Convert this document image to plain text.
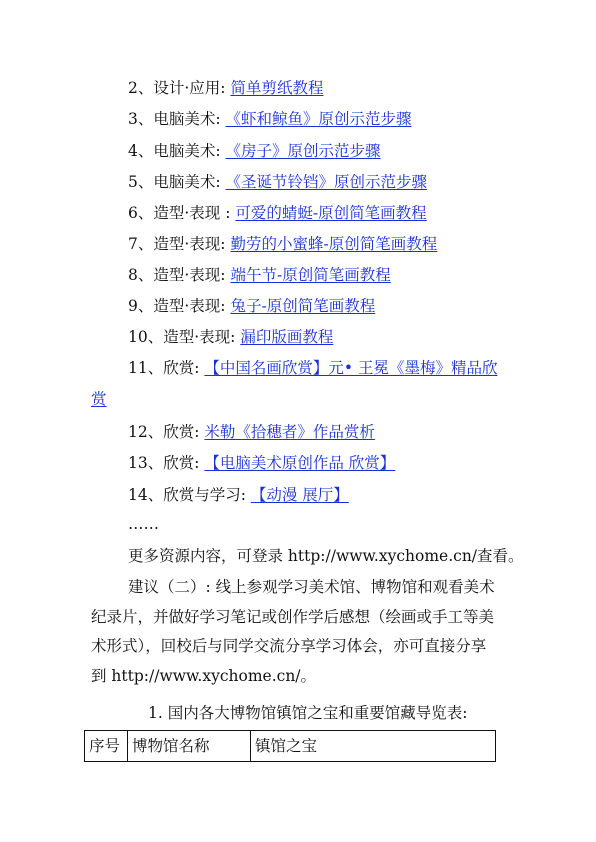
2、设计·应用: 简单剪纸教程
3、电脑美术: 《虾和鲸鱼》原创示范步骤
4、电脑美术: 《房子》原创示范步骤
5、电脑美术: 《圣诞节铃铛》原创示范步骤
6、造型·表现 : 可爱的蜻蜓-原创简笔画教程
7、造型·表现: 勤劳的小蜜蜂-原创简笔画教程
8、造型·表现: 端午节-原创简笔画教程
9、造型·表现: 兔子-原创简笔画教程
10、造型·表现: 漏印版画教程
11、欣赏: 【中国名画欣赏】元• 王冕《墨梅》精品欣
赏
12、欣赏: 米勒《拾穗者》作品赏析
13、欣赏: 【电脑美术原创作品 欣赏】
14、欣赏与学习: 【动漫 展厅】
……
更多资源内容，可登录 http://www.xychome.cn/查看。
建议（二）: 线上参观学习美术馆、博物馆和观看美术
纪录片，并做好学习笔记或创作学后感想（绘画或手工等美
术形式），回校后与同学交流分享学习体会，亦可直接分享
到 http://www.xychome.cn/。
1. 国内各大博物馆镇馆之宝和重要馆藏导览表:
序号 博物馆名称	镇馆之宝
